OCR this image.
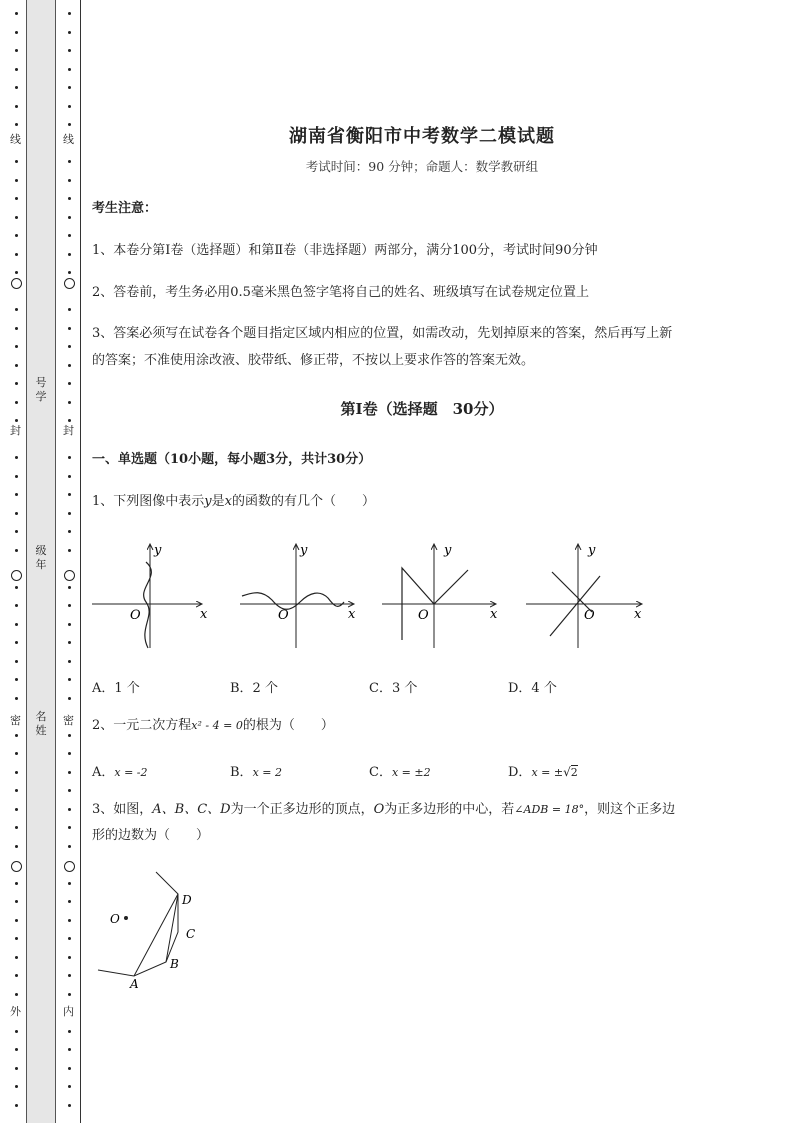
线
封
密
外
线
封
密
内
号
学
级
年
名
姓
湖南省衡阳市中考数学二模试题
考试时间：90 分钟；命题人：数学教研组
考生注意：
1、本卷分第Ⅰ卷（选择题）和第Ⅱ卷（非选择题）两部分，满分100分，考试时间90分钟
2、答卷前，考生务必用0.5毫米黑色签字笔将自己的姓名、班级填写在试卷规定位置上
3、答案必须写在试卷各个题目指定区域内相应的位置，如需改动，先划掉原来的答案，然后再写上新
的答案；不准使用涂改液、胶带纸、修正带，不按以上要求作答的答案无效。
第Ⅰ卷（选择题　30分）
一、单选题（10小题，每小题3分，共计30分）
1、下列图像中表示y是x的函数的有几个（　　）
y
x
O
y
x
O
y
x
O
y
x
O
A．1 个	B．2 个	C．3 个	D．4 个
2、一元二次方程x² - 4 = 0的根为（　　）
A．x = -2	B．x = 2	C．x = ±2	D．x = ±√2
3、如图，A、B、C、D为一个正多边形的顶点，O为正多边形的中心，若∠ADB = 18°，则这个正多边
形的边数为（　　）
O
A
B
C
D
